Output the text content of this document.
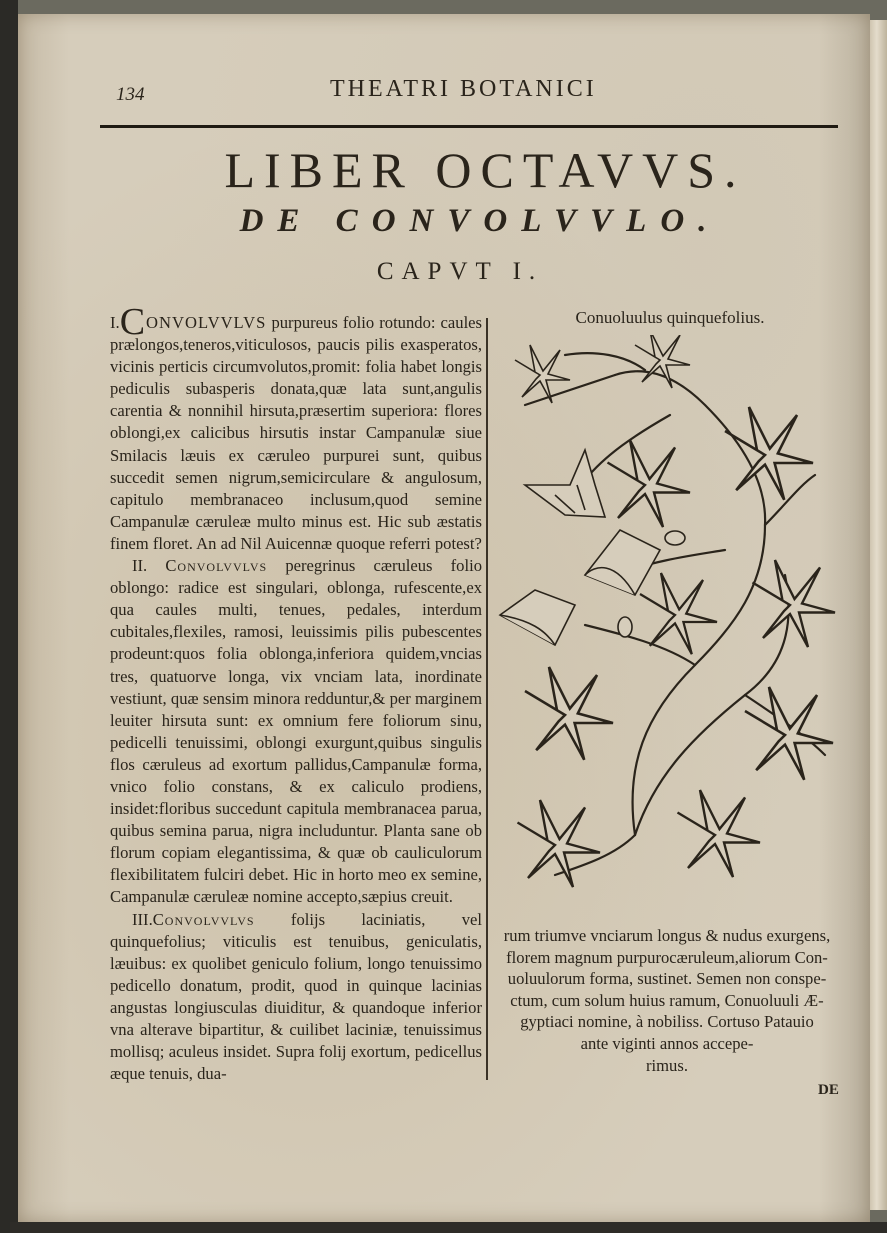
134	THEATRI BOTANICI
LIBER OCTAVVS.
DE CONVOLVVLO.
CAPVT I.

I.CONVOLVVLVS purpureus folio rotundo: caules prælongos,teneros,viticulosos, paucis pilis exasperatos, vicinis perticis circumvolutos,promit: folia habet longis pediculis subasperis donata,quæ lata sunt,angulis carentia & nonnihil hirsuta,præsertim superiora: flores oblongi,ex calicibus hirsutis instar Campanulæ siue Smilacis læuis ex cæruleo purpurei sunt, quibus succedit semen nigrum,semicirculare & angulosum, capitulo membranaceo inclusum,quod semine Campanulæ cæruleæ multo minus est. Hic sub æstatis finem floret. An ad Nil Auicennæ quoque referri potest?

II. Convolvvlvs peregrinus cæruleus folio oblongo: radice est singulari, oblonga, rufescente,ex qua caules multi, tenues, pedales, interdum cubitales,flexiles, ramosi, leuissimis pilis pubescentes prodeunt:quos folia oblonga,inferiora quidem,vncias tres, quatuorve longa, vix vnciam lata, inordinate vestiunt, quæ sensim minora redduntur,& per marginem leuiter hirsuta sunt: ex omnium fere foliorum sinu, pedicelli tenuissimi, oblongi exurgunt,quibus singulis flos cæruleus ad exortum pallidus,Campanulæ forma, vnico folio constans, & ex caliculo prodiens, insidet:floribus succedunt capitula membranacea parua, quibus semina parua, nigra includuntur. Planta sane ob florum copiam elegantissima, & quæ ob cauliculorum flexibilitatem fulciri debet. Hic in horto meo ex semine, Campanulæ cæruleæ nomine accepto,sæpius creuit.

III.Convolvvlvs folijs laciniatis, vel quinquefolius; viticulis est tenuibus, geniculatis, læuibus: ex quolibet geniculo folium, longo tenuissimo pedicello donatum, prodit, quod in quinque lacinias angustas longiusculas diuiditur, & quandoque inferior vna alterave bipartitur, & cuilibet laciniæ, tenuissimus mollisq; aculeus insidet. Supra folij exortum, pedicellus æque tenuis, dua-

Conuoluulus quinquefolius.

rum triumve vnciarum longus & nudus exurgens,

florem magnum purpurocæruleum,aliorum Con-

uoluulorum forma, sustinet. Semen non conspe-

ctum, cum solum huius ramum, Conuoluuli Æ-

gyptiaci nomine, à nobiliss. Cortuso Patauio

ante viginti annos accepe-

rimus.

DE
